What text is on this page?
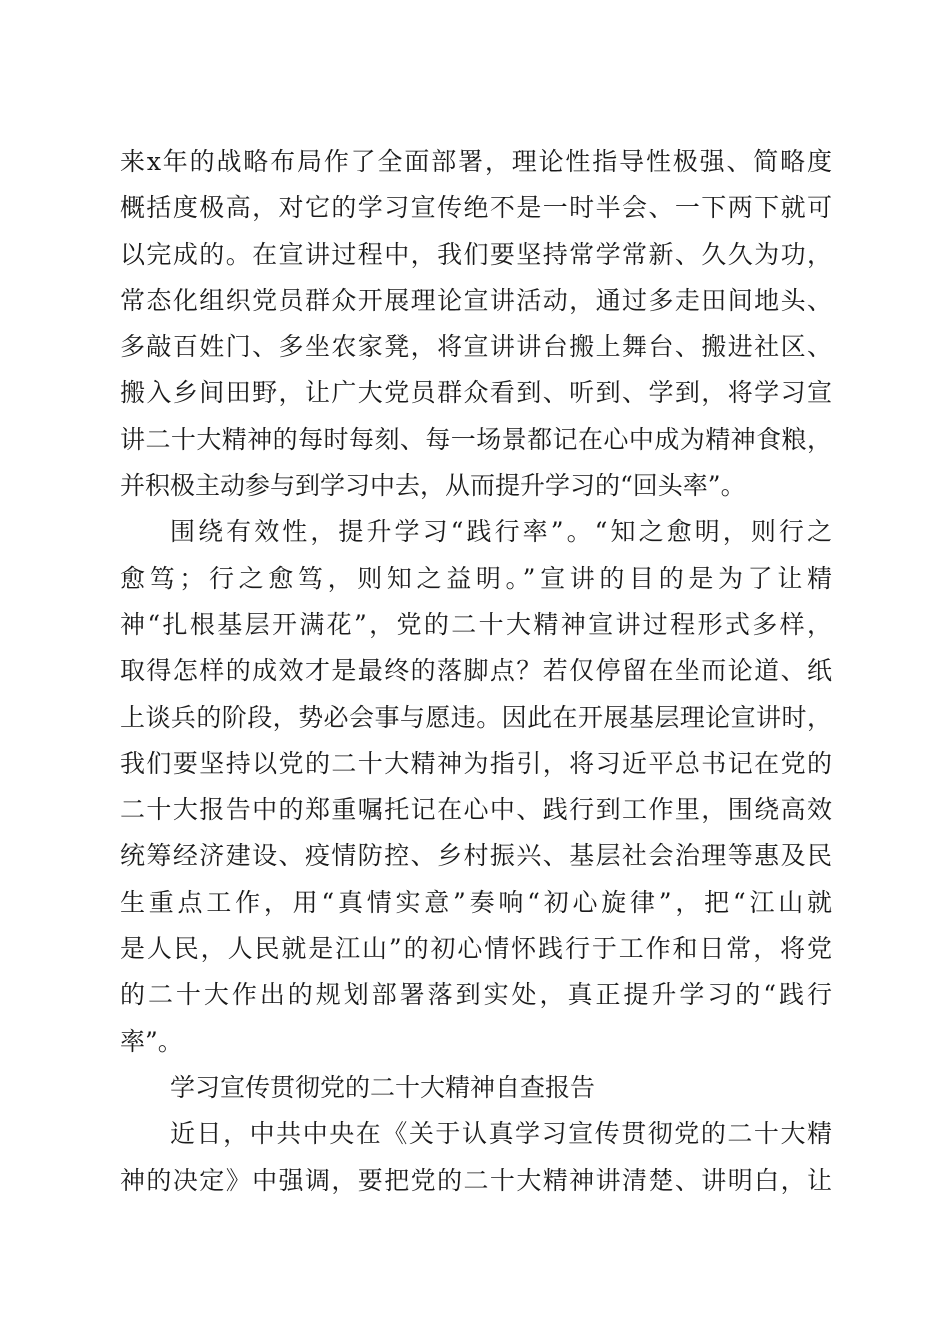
来x年的战略布局作了全面部署，理论性指导性极强、简略度
概括度极高，对它的学习宣传绝不是一时半会、一下两下就可
以完成的。在宣讲过程中，我们要坚持常学常新、久久为功，
常态化组织党员群众开展理论宣讲活动，通过多走田间地头、
多敲百姓门、多坐农家凳，将宣讲讲台搬上舞台、搬进社区、
搬入乡间田野，让广大党员群众看到、听到、学到，将学习宣
讲二十大精神的每时每刻、每一场景都记在心中成为精神食粮，
并积极主动参与到学习中去，从而提升学习的“回头率”。
围绕有效性，提升学习“践行率”。“知之愈明，则行之
愈笃；行之愈笃，则知之益明。”宣讲的目的是为了让精
神“扎根基层开满花”，党的二十大精神宣讲过程形式多样，
取得怎样的成效才是最终的落脚点？若仅停留在坐而论道、纸
上谈兵的阶段，势必会事与愿违。因此在开展基层理论宣讲时，
我们要坚持以党的二十大精神为指引，将习近平总书记在党的
二十大报告中的郑重嘱托记在心中、践行到工作里，围绕高效
统筹经济建设、疫情防控、乡村振兴、基层社会治理等惠及民
生重点工作，用“真情实意”奏响“初心旋律”，把“江山就
是人民，人民就是江山”的初心情怀践行于工作和日常，将党
的二十大作出的规划部署落到实处，真正提升学习的“践行
率”。
学习宣传贯彻党的二十大精神自查报告
近日，中共中央在《关于认真学习宣传贯彻党的二十大精
神的决定》中强调，要把党的二十大精神讲清楚、讲明白，让
